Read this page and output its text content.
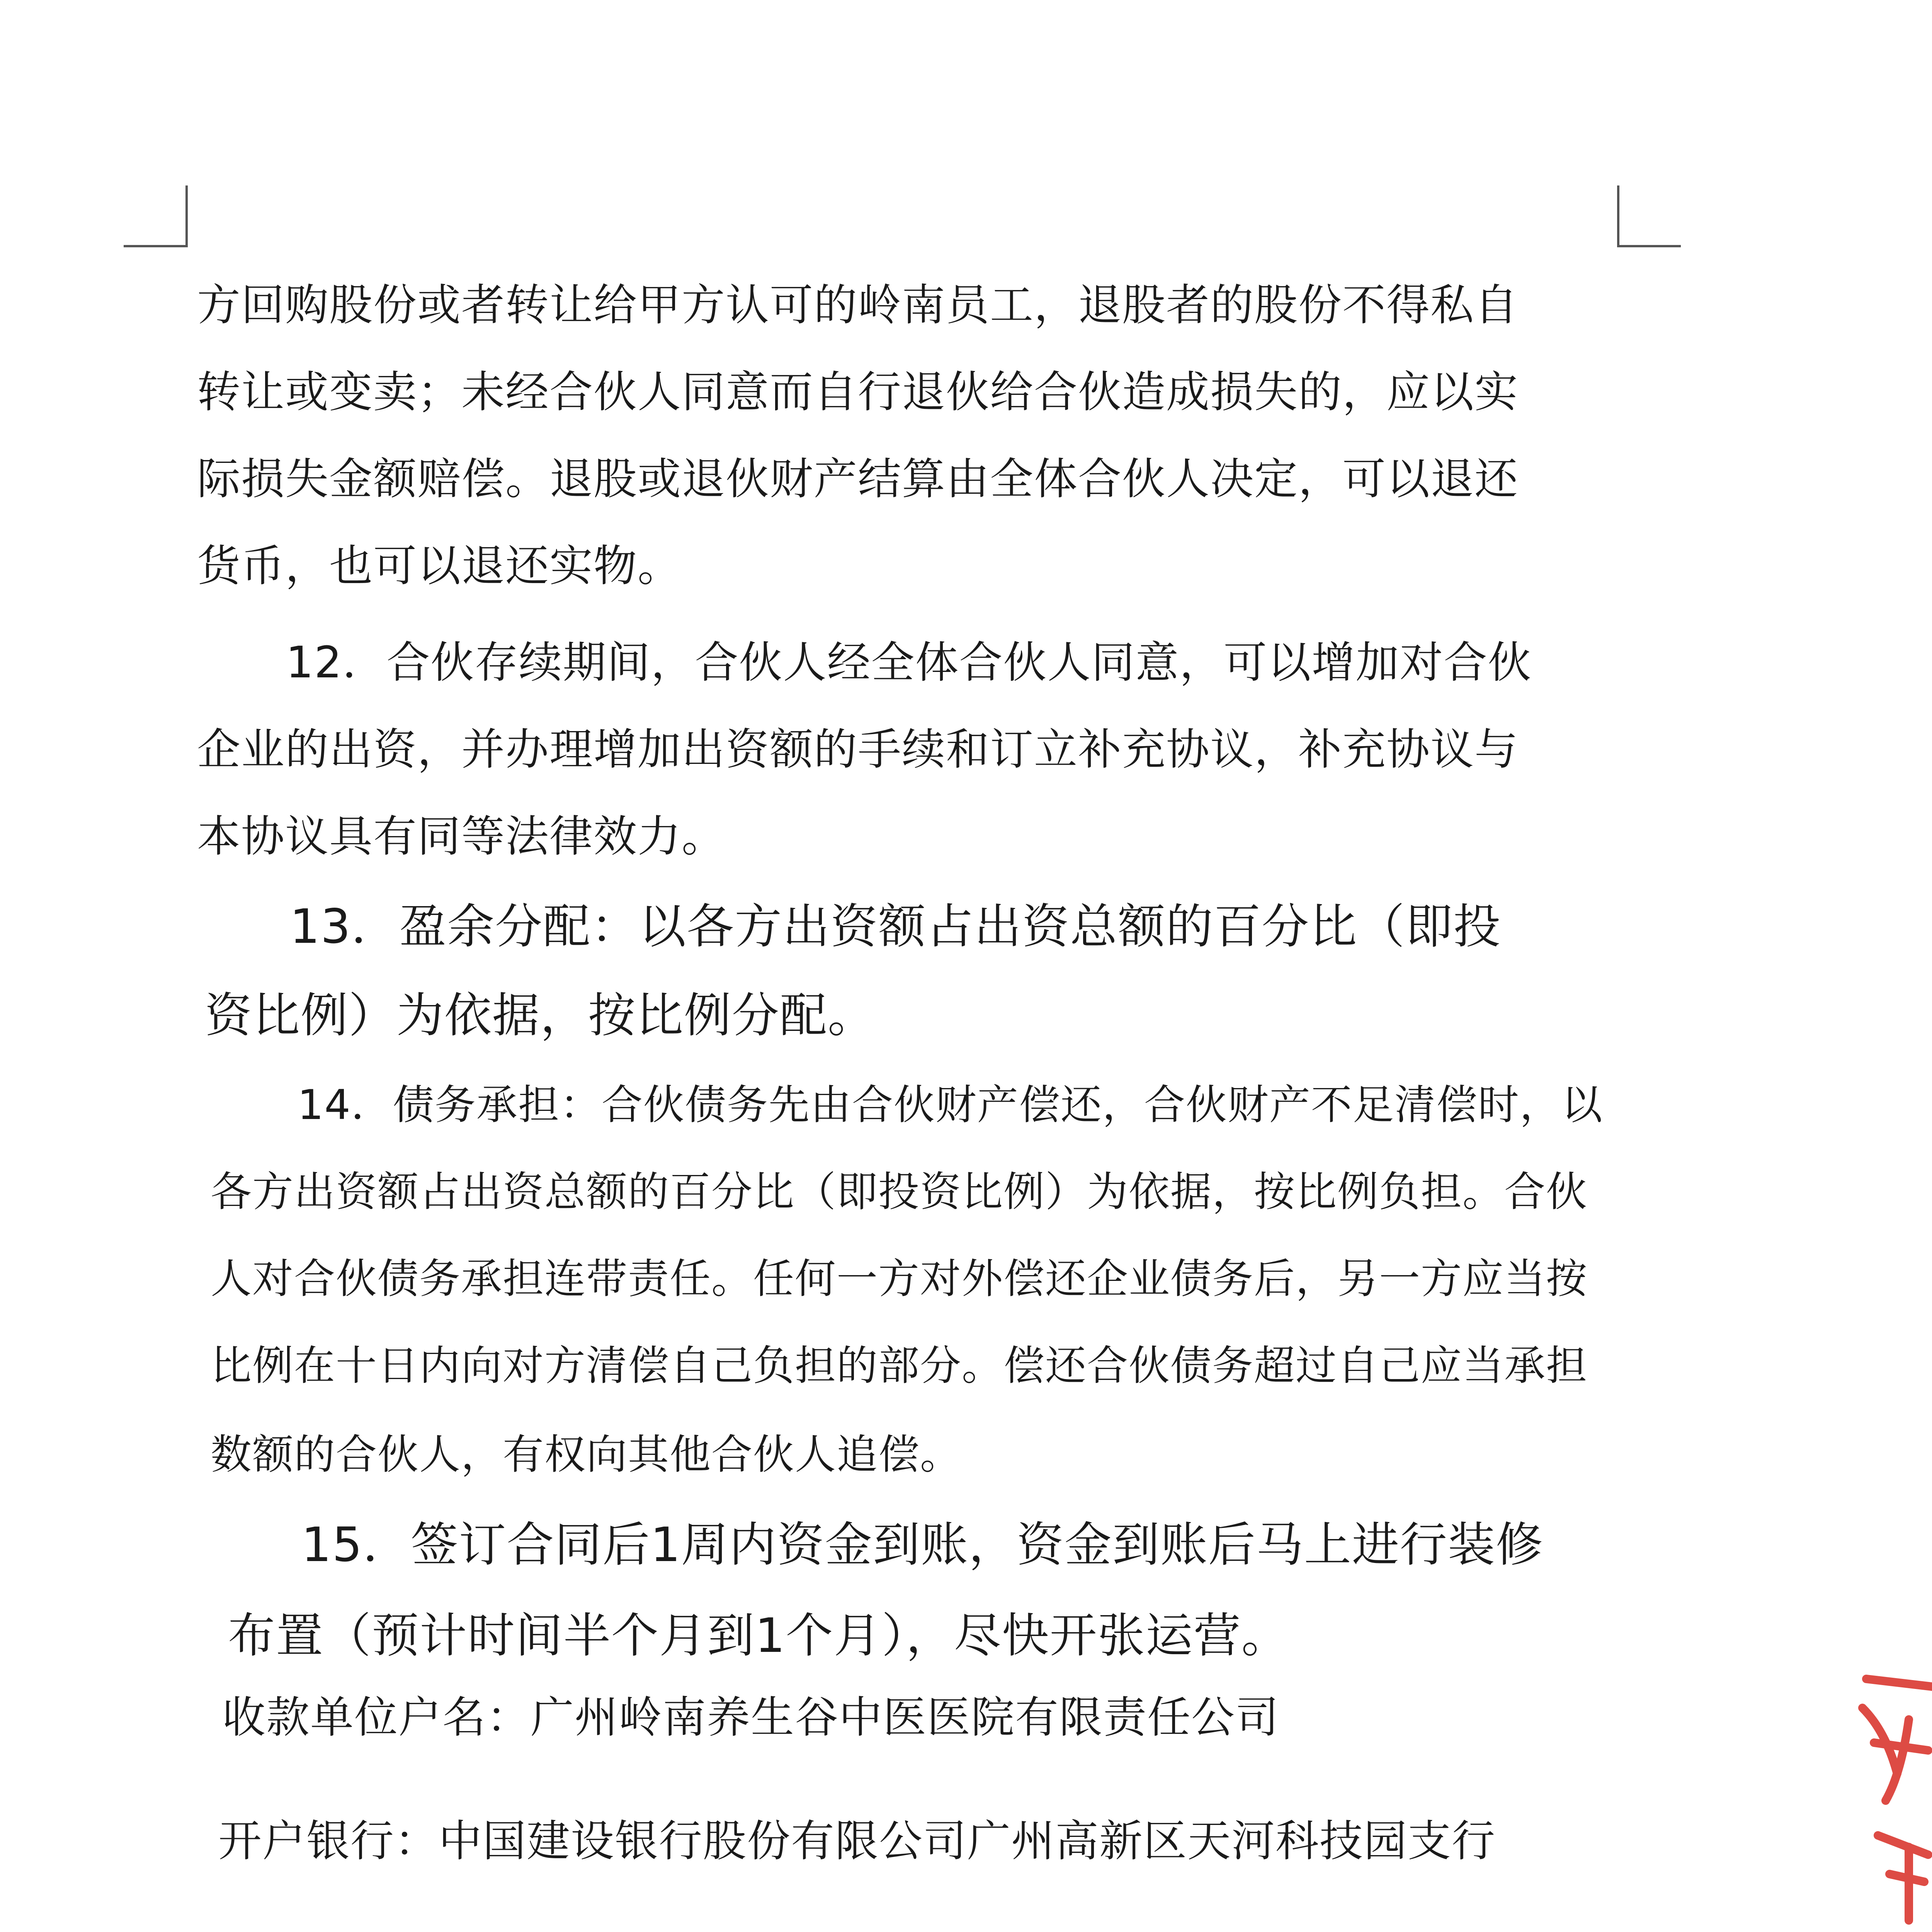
方回购股份或者转让给甲方认可的岭南员工，退股者的股份不得私自

转让或变卖；未经合伙人同意而自行退伙给合伙造成损失的，应以实

际损失金额赔偿。退股或退伙财产结算由全体合伙人决定，可以退还

货币，也可以退还实物。

12．合伙存续期间，合伙人经全体合伙人同意，可以增加对合伙

企业的出资，并办理增加出资额的手续和订立补充协议，补充协议与

本协议具有同等法律效力。

13．盈余分配：以各方出资额占出资总额的百分比（即投

资比例）为依据，按比例分配。

14．债务承担：合伙债务先由合伙财产偿还，合伙财产不足清偿时，以

各方出资额占出资总额的百分比（即投资比例）为依据，按比例负担。合伙

人对合伙债务承担连带责任。任何一方对外偿还企业债务后，另一方应当按

比例在十日内向对方清偿自己负担的部分。偿还合伙债务超过自己应当承担

数额的合伙人，有权向其他合伙人追偿。

15．签订合同后1周内资金到账，资金到账后马上进行装修

布置（预计时间半个月到1个月），尽快开张运营。

收款单位户名：广州岭南养生谷中医医院有限责任公司

开户银行：中国建设银行股份有限公司广州高新区天河科技园支行
